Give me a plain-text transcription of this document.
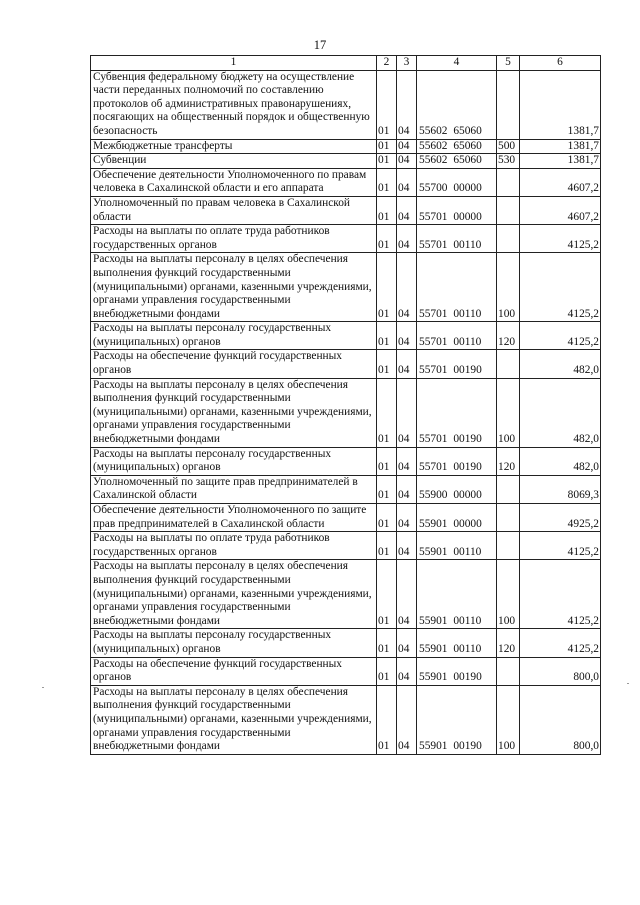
17
1	2	3	4	5	6
Субвенция федеральному бюджету на осуществление части переданных полномочий по составлению протоколов об административных правонарушениях, посягающих на общественный порядок и общественную безопасность	01	04	55602 65060		1381,7
Межбюджетные трансферты	01	04	55602 65060	500	1381,7
Субвенции	01	04	55602 65060	530	1381,7
Обеспечение деятельности Уполномоченного по правам человека в Сахалинской области и его аппарата	01	04	55700 00000		4607,2
Уполномоченный по правам человека в Сахалинской области	01	04	55701 00000		4607,2
Расходы на выплаты по оплате труда работников государственных органов	01	04	55701 00110		4125,2
Расходы на выплаты персоналу в целях обеспечения выполнения функций государственными (муниципальными) органами, казенными учреждениями, органами управления государственными внебюджетными фондами	01	04	55701 00110	100	4125,2
Расходы на выплаты персоналу государственных (муниципальных) органов	01	04	55701 00110	120	4125,2
Расходы на обеспечение функций государственных органов	01	04	55701 00190		482,0
Расходы на выплаты персоналу в целях обеспечения выполнения функций государственными (муниципальными) органами, казенными учреждениями, органами управления государственными внебюджетными фондами	01	04	55701 00190	100	482,0
Расходы на выплаты персоналу государственных (муниципальных) органов	01	04	55701 00190	120	482,0
Уполномоченный по защите прав предпринимателей в Сахалинской области	01	04	55900 00000		8069,3
Обеспечение деятельности Уполномоченного по защите прав предпринимателей в Сахалинской области	01	04	55901 00000		4925,2
Расходы на выплаты по оплате труда работников государственных органов	01	04	55901 00110		4125,2
Расходы на выплаты персоналу в целях обеспечения выполнения функций государственными (муниципальными) органами, казенными учреждениями, органами управления государственными внебюджетными фондами	01	04	55901 00110	100	4125,2
Расходы на выплаты персоналу государственных (муниципальных) органов	01	04	55901 00110	120	4125,2
Расходы на обеспечение функций государственных органов	01	04	55901 00190		800,0
Расходы на выплаты персоналу в целях обеспечения выполнения функций государственными (муниципальными) органами, казенными учреждениями, органами управления государственными внебюджетными фондами	01	04	55901 00190	100	800,0
